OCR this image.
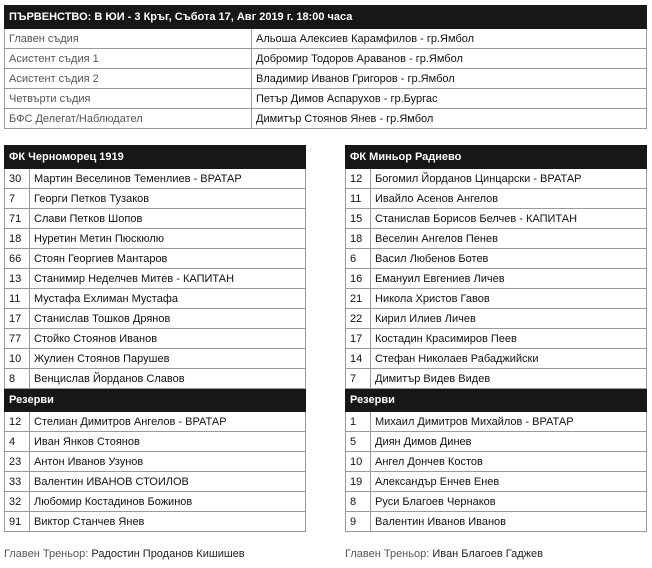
ПЪРВЕНСТВО: В ЮИ - 3 Кръг, Събота 17, Авг 2019 г. 18:00 часа	
Главен съдия	Альоша Алексиев Карамфилов - гр.Ямбол
Асистент съдия 1	Добромир Тодоров Араванов - гр.Ямбол
Асистент съдия 2	Владимир Иванов Григоров - гр.Ямбол
Четвърти съдия	Петър Димов Аспарухов - гр.Бургас
БФС Делегат/Наблюдател	Димитър Стоянов Янев - гр.Ямбол
ФК Черноморец 1919	
30	Мартин Веселинов Теменлиев - ВРАТАР
7	Георги Петков Тузаков
71	Слави Петков Шопов
18	Нуретин Метин Пюскюлю
66	Стоян Георгиев Мантаров
13	Станимир Неделчев Митев - КАПИТАН
11	Мустафа Ехлиман Мустафа
17	Станислав Тошков Дрянов
77	Стойко Стоянов Иванов
10	Жулиен Стоянов Парушев
8	Венцислав Йорданов Славов
Резерви	
12	Стелиан Димитров Ангелов - ВРАТАР
4	Иван Янков Стоянов
23	Антон Иванов Узунов
33	Валентин ИВАНОВ СТОИЛОВ
32	Любомир Костадинов Божинов
91	Виктор Станчев Янев
ФК Миньор Раднево	
12	Богомил Йорданов Цинцарски - ВРАТАР
11	Ивайло Асенов Ангелов
15	Станислав Борисов Белчев - КАПИТАН
18	Веселин Ангелов Пенев
6	Васил Любенов Ботев
16	Емануил Евгениев Личев
21	Никола Христов Гавов
22	Кирил Илиев Личев
17	Костадин Красимиров Пеев
14	Стефан Николаев Рабаджийски
7	Димитър Видев Видев
Резерви	
1	Михаил Димитров Михайлов - ВРАТАР
5	Диян Димов Динев
10	Ангел Дончев Костов
19	Александър Енчев Енев
8	Руси Благоев Чернаков
9	Валентин Иванов Иванов
Главен Треньор: Радостин Проданов Кишишев	Главен Треньор: Иван Благоев Гаджев
